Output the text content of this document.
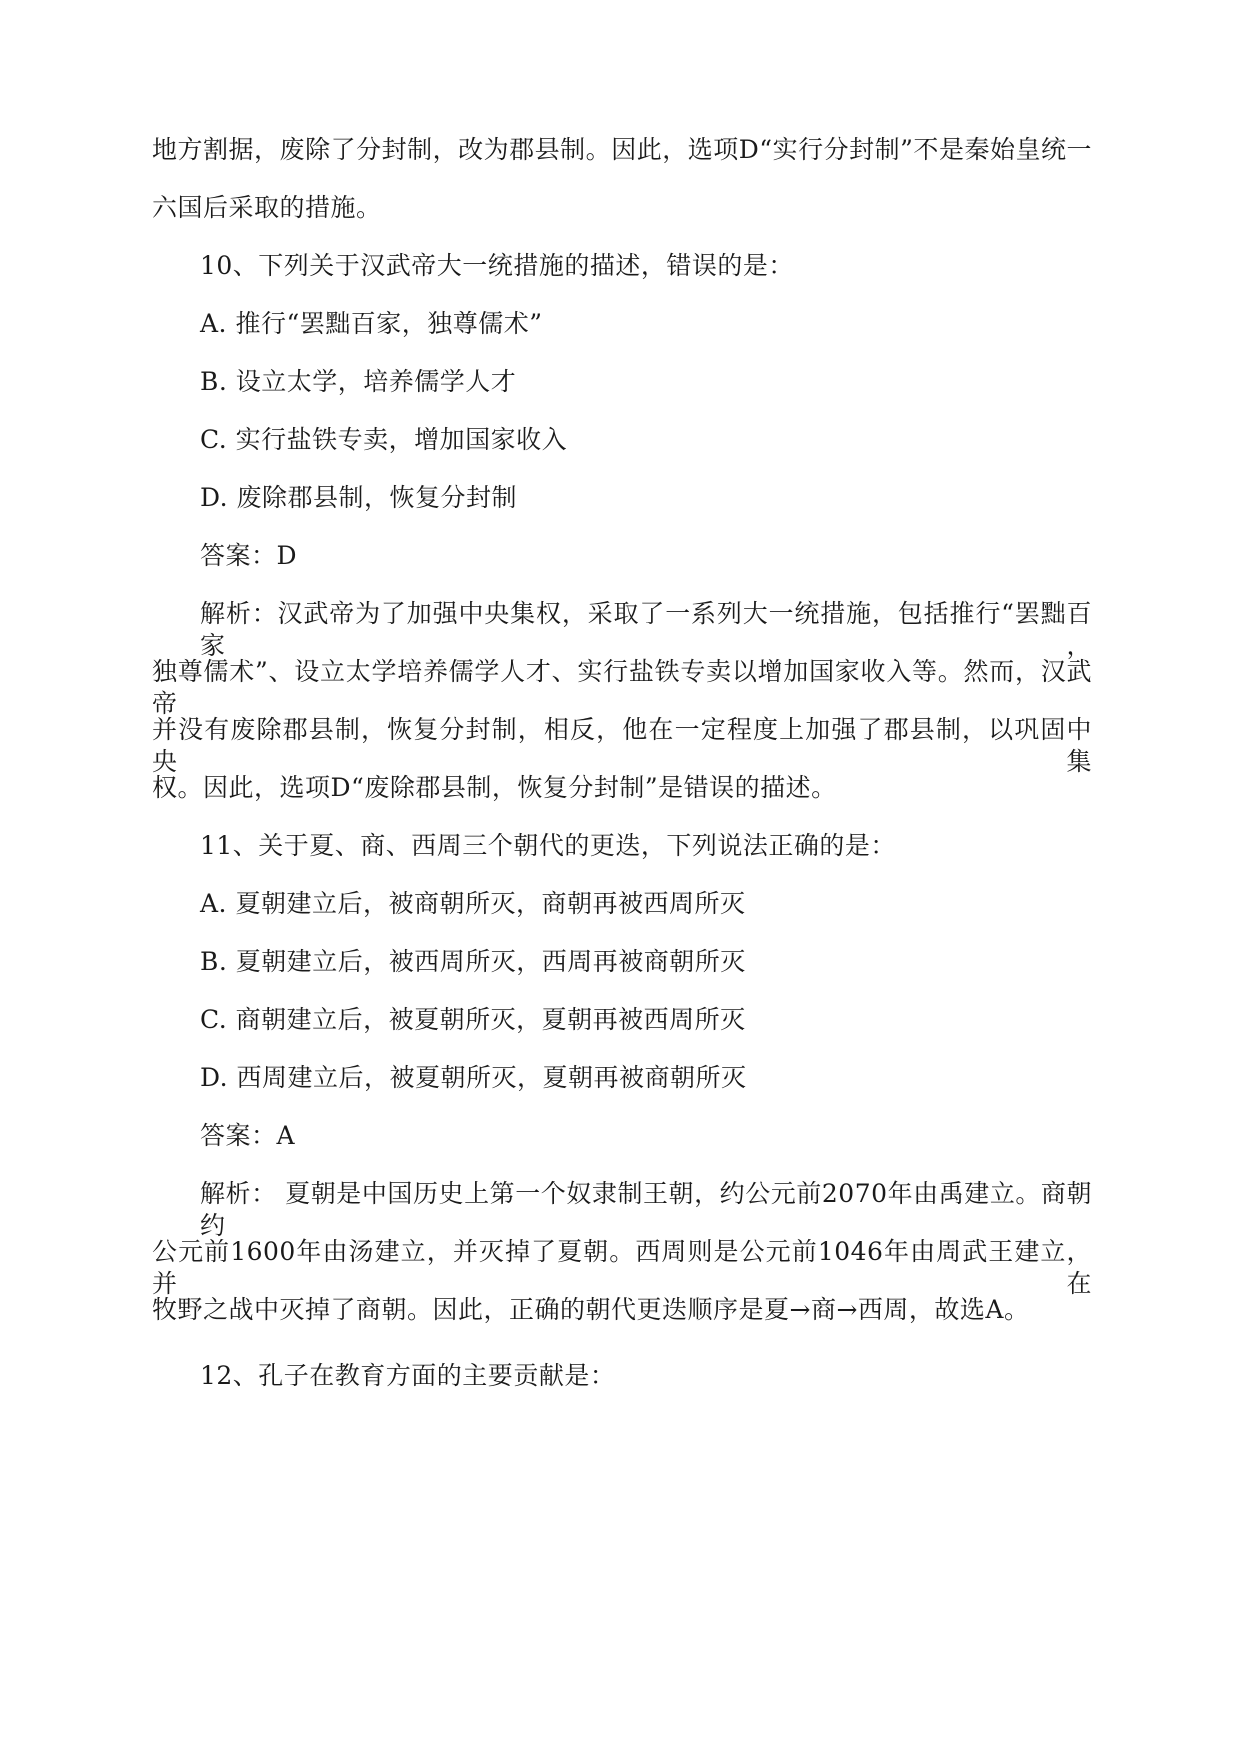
地方割据，废除了分封制，改为郡县制。因此，选项D“实行分封制”不是秦始皇统一
六国后采取的措施。
10、下列关于汉武帝大一统措施的描述，错误的是：
A. 推行“罢黜百家，独尊儒术”
B. 设立太学，培养儒学人才
C. 实行盐铁专卖，增加国家收入
D. 废除郡县制，恢复分封制
答案：D
解析：汉武帝为了加强中央集权，采取了一系列大一统措施，包括推行“罢黜百家，
独尊儒术”、设立太学培养儒学人才、实行盐铁专卖以增加国家收入等。然而，汉武帝
并没有废除郡县制，恢复分封制，相反，他在一定程度上加强了郡县制，以巩固中央集
权。因此，选项D“废除郡县制，恢复分封制”是错误的描述。
11、关于夏、商、西周三个朝代的更迭，下列说法正确的是：
A. 夏朝建立后，被商朝所灭，商朝再被西周所灭
B. 夏朝建立后，被西周所灭，西周再被商朝所灭
C. 商朝建立后，被夏朝所灭，夏朝再被西周所灭
D. 西周建立后，被夏朝所灭，夏朝再被商朝所灭
答案：A
解析： 夏朝是中国历史上第一个奴隶制王朝，约公元前2070年由禹建立。商朝约
公元前1600年由汤建立，并灭掉了夏朝。西周则是公元前1046年由周武王建立，并在
牧野之战中灭掉了商朝。因此，正确的朝代更迭顺序是夏→商→西周，故选A。
12、孔子在教育方面的主要贡献是：
